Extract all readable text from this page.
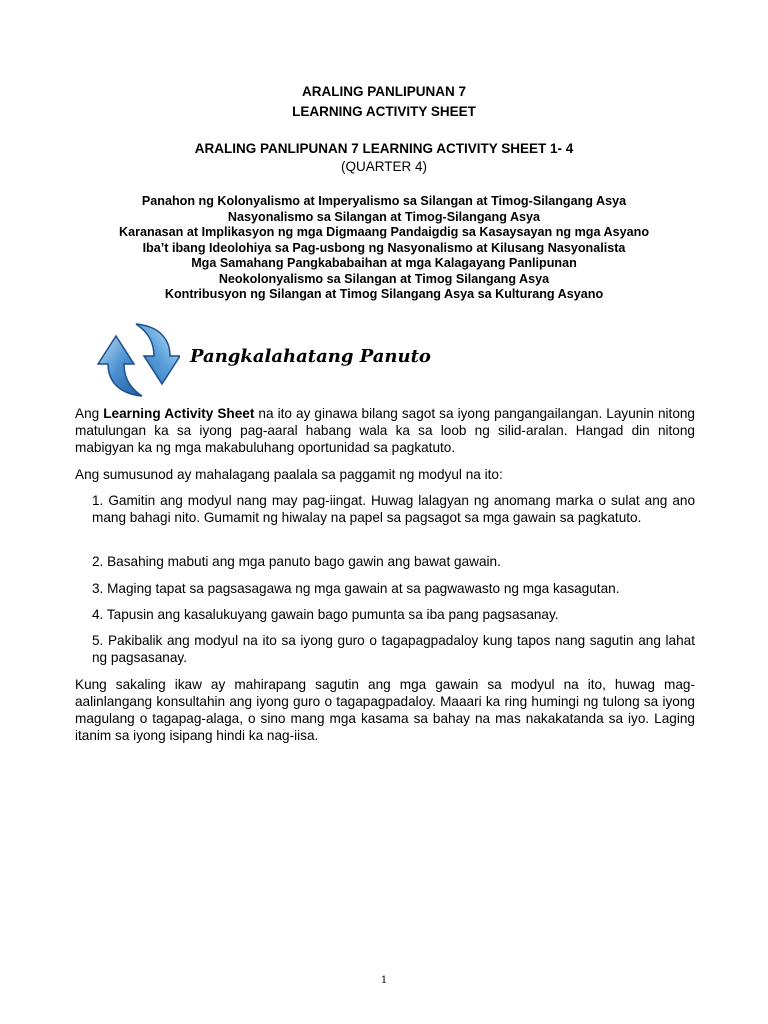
ARALING PANLIPUNAN 7
LEARNING ACTIVITY SHEET
ARALING PANLIPUNAN 7 LEARNING ACTIVITY SHEET 1- 4
(QUARTER 4)
Panahon ng Kolonyalismo at Imperyalismo sa Silangan at Timog-Silangang Asya
Nasyonalismo sa Silangan at Timog-Silangang Asya
Karanasan at Implikasyon ng mga Digmaang Pandaigdig sa Kasaysayan ng mga Asyano
Iba’t ibang Ideolohiya sa Pag-usbong ng Nasyonalismo at Kilusang Nasyonalista
Mga Samahang Pangkababaihan at mga Kalagayang Panlipunan
Neokolonyalismo sa Silangan at Timog Silangang Asya
Kontribusyon ng Silangan at Timog Silangang Asya sa Kulturang Asyano
Pangkalahatang Panuto
Ang Learning Activity Sheet na ito ay ginawa bilang sagot sa iyong pangangailangan. Layunin nitong matulungan ka sa iyong pag-aaral habang wala ka sa loob ng silid-aralan. Hangad din nitong mabigyan ka ng mga makabuluhang oportunidad sa pagkatuto.
Ang sumusunod ay mahalagang paalala sa paggamit ng modyul na ito:
1. Gamitin ang modyul nang may pag-iingat. Huwag lalagyan ng anomang marka o sulat ang ano mang bahagi nito. Gumamit ng hiwalay na papel sa pagsagot sa mga gawain sa pagkatuto.
2. Basahing mabuti ang mga panuto bago gawin ang bawat gawain.
3. Maging tapat sa pagsasagawa ng mga gawain at sa pagwawasto ng mga kasagutan.
4. Tapusin ang kasalukuyang gawain bago pumunta sa iba pang pagsasanay.
5. Pakibalik ang modyul na ito sa iyong guro o tagapagpadaloy kung tapos nang sagutin ang lahat ng pagsasanay.
Kung sakaling ikaw ay mahirapang sagutin ang mga gawain sa modyul na ito, huwag mag-aalinlangang konsultahin ang iyong guro o tagapagpadaloy. Maaari ka ring humingi ng tulong sa iyong magulang o tagapag-alaga, o sino mang mga kasama sa bahay na mas nakakatanda sa iyo. Laging itanim sa iyong isipang hindi ka nag-iisa.
1
